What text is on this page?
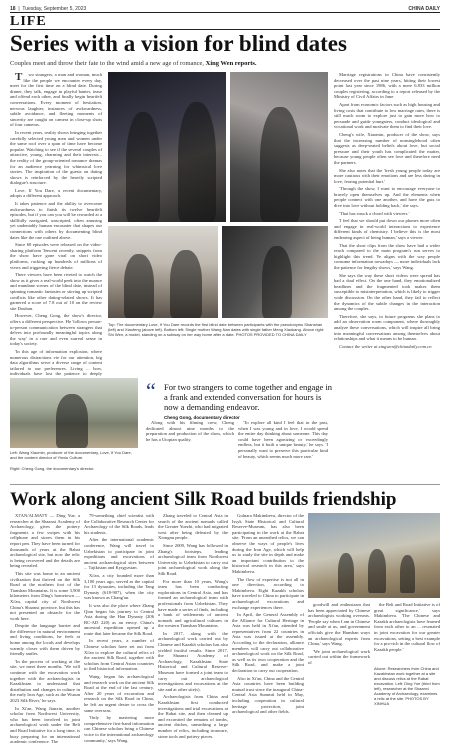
18  |  Tuesday, September 5, 2023	CHINA DAILY
LIFE
Series with a vision for blind dates
Couples meet and throw their fate to the wind amid a new age of romance, Xing Wen reports.

Two strangers, a man and woman, much like the people we encounter every day, meet for the first time on a blind date. During dinner, they talk, engage in playful banter, tease and offend each other, and finally begin heartfelt conversations. Every moment of hesitation, nervous laughter, instances of awkwardness, subtle avoidance, and fleeting moments of sincerity are caught on camera in close-up shots of four cameras.

In recent years, reality shows bringing together carefully selected young men and women under the same roof over a span of time have become popular. Watching to see if the several couples of attractive, young, charming and their interests... the reality of the group-oriented romance dramas for an audience yearning for whimsical love stories. The inspiration of the guests on dating shows is reinforced by the heavily scripted dialogue's structure.

Love, If You Dare, a recent documentary, adopts a different approach.

It takes patience and the ability to overcome awkwardness to finish its twelve heartfelt episodes, but if you can you will be rewarded at a skillfully navigated, unscripted, often amusing yet undeniably human encounter that shapes our connections with others by documenting blind dates like the one outlined above.

Since 60 episodes were released on the video-sharing platform Tencent recently, snippets from the show have gone viral on short video platforms, racking up hundreds of millions of views and triggering fierce debate.

There viewers have been riveted to watch the show as it gives a real-world peek into the nuance and mundane scenes of the blind date, instead of spinning romantic fantasies or stirring up scripted conflicts like other dating-related shows. It has garnered a score of 7.8 out of 10 on the review site Douban.

However, Cheng Gong, the show's director, offers a different perspective. He 'follows person-to-person communication between strangers that delves into profoundly meaningful topics along the way' in a rare and even surreal sense in today's society.

'In this age of information explosion, where numerous distractions vie for our attention, big data algorithms serve a diverse range of content tailored to our preferences. Living ... how, individuals have lost the patience to deeply

Top: The documentary Love, If You Dare records the first blind date between participants with the pseudonyms Shanshan (left) and Xiaofeng (above left). Bottom left: Single mother Wang Nan dates with single father Meng Xiaokang. Above right: Shi Wen, a model, standing on a subway on her way home after a date. PHOTOS PROVIDED TO CHINA DAILY

Marriage registrations in China have consistently decreased over the past nine years, hitting their lowest point last year since 1986, with a mere 6.833 million couples registering, according to a report released by the Ministry of Civil Affairs in June.

Apart from economic factors such as high housing and living costs that contribute to low marriage rates, there is still much room to explore just to gain more how to persuade and guide youngsters, conduct ideological and vocational work and motivate them to find their love.

Cheng's wife, Xiaomin, producer of the show, says that the increasing number of nonsinglehood often suggests as deep-seated beliefs about love, but social pressure and their youth has complicated the matter, because young people often see love and therefore need the partners.

She also notes that the 'fresh young people today are more cautious with their emotions and are less daring in love, fearing potential hurt.'

'Through the show, I want to encourage everyone to bravely open themselves up. And the elements when people connect with one another, and have the guts to dive into love without holding back,' she says.

'That has struck a chord with viewers.'

'I feel that we should put down our phones more often and engage in real-world interactions to experience different kinds of chemistry. I believe this is the most endearing aspect of being human,' says a viewer.

That the short clips from the show have had a wider reach compared to the main program's run serves to highlight this trend. Ye aligns with the way people consume information nowadays — more individuals lack the patience for lengthy shows,' says Wang.

She says the way these short videos were spread has had a dual effect. On the one hand, they emotionalized headlines and the fragmented took makes them susceptible to misinterpretation, which is likely to trigger wide discussion. On the other hand, they fail to reflect the dynamics of the subtle changes in the interaction among the couples.

Therefore, she says, in future programs she plans to add an observation room component, where thoroughly analyze these conversations, which will inspire all bring into meaningful conversations among themselves about relationships and what it means to be human.

Contact the writer at xingwen@chinadaily.com.cn

“ For two strangers to come together and engage in a frank and extended conversation for hours is now a demanding endeavor.
Cheng Gong, documentary director
Left: Wang Xiaomin, producer of the documentary, Love, If You Dare, and the content director of Yinxiu Culture.

Along with his filming crew, Cheng dedicated almost nine months to the preparation and production of the show, which he has a Utopian quality.

'To explore all kind I feel that in the past, when I was young and in love, I would spend the entire day thinking about someone. This day could have been agonizing or exceedingly endless, but it built a unique beauty,' he says. 'I personally want to preserve this particular kind of beauty, which seems much more rare.'

Right: Cheng Gong, the documentary's director.
Work along ancient Silk Road builds friendship

XI'AN/ALMATY — Ding Yue, a researcher at the Shaanxi Academy of Archaeology, gives the pottery fragments a few swipes with his cellphone and stores them in his report pen. They have been turned for thousands of years at the Rabat archaeological site, but now the relic is being recovered and the details are being revealed.

This site was home to an ancient civilization that thrived on the Silk Road at the northern foot of the Tianshan Mountains. It is some 3,900 kilometers from Ding's hometown — Xi'an, capital city of Northwest China's Shaanxi province, but this has not presented an obstacle for the work here.

Despite the language barrier and the difference in natural environment and living conditions, he feels at home among the locals and develops warmly closer with them driven by friendly smiles.

'In the process of working at the site, we meet three months. 'We will continue with the excavation work together with the archaeologists in Kazakhstan to understand that distribution and changes in culture in the early Iron Age, such as the Wusun 2023 Silk River,' he says.

In Xi'an, Wang Jianxin, another scholar from Northwest University, who has been involved in joint archaeological work under the Belt and Road Initiative for a long time, is busy preparing for an international academic conference. The

79-something chief scientist with the Collaborative Research Center for Archaeology of the Silk Roads, leads his students.

After the international academic conference, Wang will travel to Uzbekistan to participate in joint expeditions and excavations of ancient archaeological sites between ... Tajikistan and Kyrgyzstan.

Xi'an, a city founded more than 3,100 years ago, served as the capital for 13 dynasties, including the Tang Dynasty (618-907), when the city was known as Chang'an.

It was also the place where Zhang Qian began his journey to Central Asia during the Han Dynasty (206 BC-AD 220) as an envoy. China's ancestral expedition opened up a route that later became the Silk Road.

In recent years, a number of Chinese scholars have set out from Xi'an to explore the cultural relics of the ancient Silk Road, together with scholars from Central Asian countries to find historical information.

Wang, began his archaeological and research work on the ancient Silk Road at the end of the last century. After 20 years of excavation and research on the Silk Road in China, he left an urgent desire to cross the same overseas.

'Only by mastering more comprehensive first-hand information can Chinese scholars bring a Chinese voice to the international archaeology community,' says Wang.

Zhang traveled to Central Asia in search of the ancient nomads called the Greater Yuezhi, who had migrated west after being defeated by the Xiongnu people.

Since 2009, Wang has followed in Zhang's footsteps, leading archaeological team from Northwest University to Uzbekistan to carry out joint archaeological work along the Silk Road.

For more than 10 years, Wang's team has been conducting explorations in Central Asia, and has formed an archaeological team with professionals from Uzbekistan. They have made a series of finds, including a bank of settlements of ancient nomads and agricultural cultures in the western Tianshan Mountains.

In 2017, along with the archaeological work carried out by Chinese and Kazakh scholars has also yielded fruitful results. Since 2017, the Shaanxi Academy of Archaeology, Kazakhstan State Historical and Cultural Reserve-Museum have formed a joint team to carry out archaeological investigations and excavations at the site and at other site(s).

Archaeologists from China and Kazakhstan first conducted investigations and trial excavations at the Rabat site, and then cleaned up and excavated the remains of tombs, ancient ditches, unearthing a large number of relics, including ironware, stone tools and pottery pieces.

Gulnara Makimbeva, director of the Issyk State Historical and Cultural Reserve-Museum, has also been participating in the work at the Rabat site. 'From an unearthed relics, we can observe the ways of people's lives during the Iron Age, which will help us to study the site in depth and make an important contribution to the historical research in this area,' says Makimbeva.

The flow of expertise is not all in one direction, according to Makimbeva. Eight Kazakh scholars have traveled to China to participate in archaeological excavations and exchange experiences there.

In April, the General Assembly of the Alliance for Cultural Heritage in Asia was held in Xi'an, attended by representatives from 22 countries in Asia was issued at the assembly. According to the declaration, alliance members will carry out collaborative archaeological work on the Silk Road, as well as its own cooperation and the Silk Road, and make a joint declaration to carry out cooperation.

Also in Xi'an, China and the Central Asia countries have been building mutual trust since the inaugural China-Central Asia Summit held in May, including cooperation in cultural heritage protection, joint archaeological and other fields.

goodwill and enthusiasm that has been appreciated by Chinese archaeologists working overseas. 'People say when I am in Chinese and smile at us, and government officials give the Hanshan ways an archaeological experts from China,' says Wang.

'We joint archaeological work carried out within the framework of

the Belt and Road Initiative is of great significance,' says Makimbeva. 'The Chinese and Kazakh archaeologists have learned from each other to an ... resonated in joint excavation for our greater excavations, setting a best example for a pro-rich in the cultural flow of Kazakh people.'

Above: Researchers from China and Kazakhstan work together at a site and discuss relics at the Rabat excavation. Left: Ding Yue (third from left), researcher at the Shaanxi Academy of Archaeology, examines a relic at the site. PHOTOS BY XINHUA
